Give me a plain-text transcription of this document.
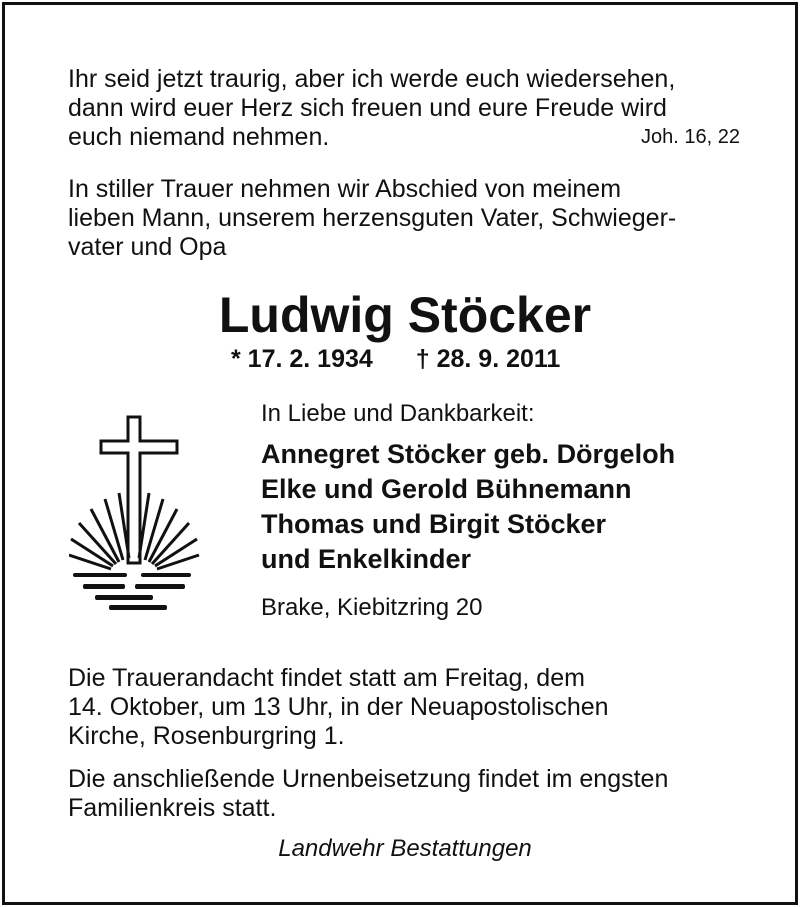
Ihr seid jetzt traurig, aber ich werde euch wiedersehen,
dann wird euer Herz sich freuen und eure Freude wird
euch niemand nehmen.	Joh. 16, 22
In stiller Trauer nehmen wir Abschied von meinem
lieben Mann, unserem herzensguten Vater, Schwieger-
vater und Opa
Ludwig Stöcker
* 17. 2. 1934 † 28. 9. 2011
In Liebe und Dankbarkeit:
Annegret Stöcker geb. Dörgeloh
Elke und Gerold Bühnemann
Thomas und Birgit Stöcker
und Enkelkinder
Brake, Kiebitzring 20
Die Trauerandacht findet statt am Freitag, dem
14. Oktober, um 13 Uhr, in der Neuapostolischen
Kirche, Rosenburgring 1.
Die anschließende Urnenbeisetzung findet im engsten
Familienkreis statt.
Landwehr Bestattungen
